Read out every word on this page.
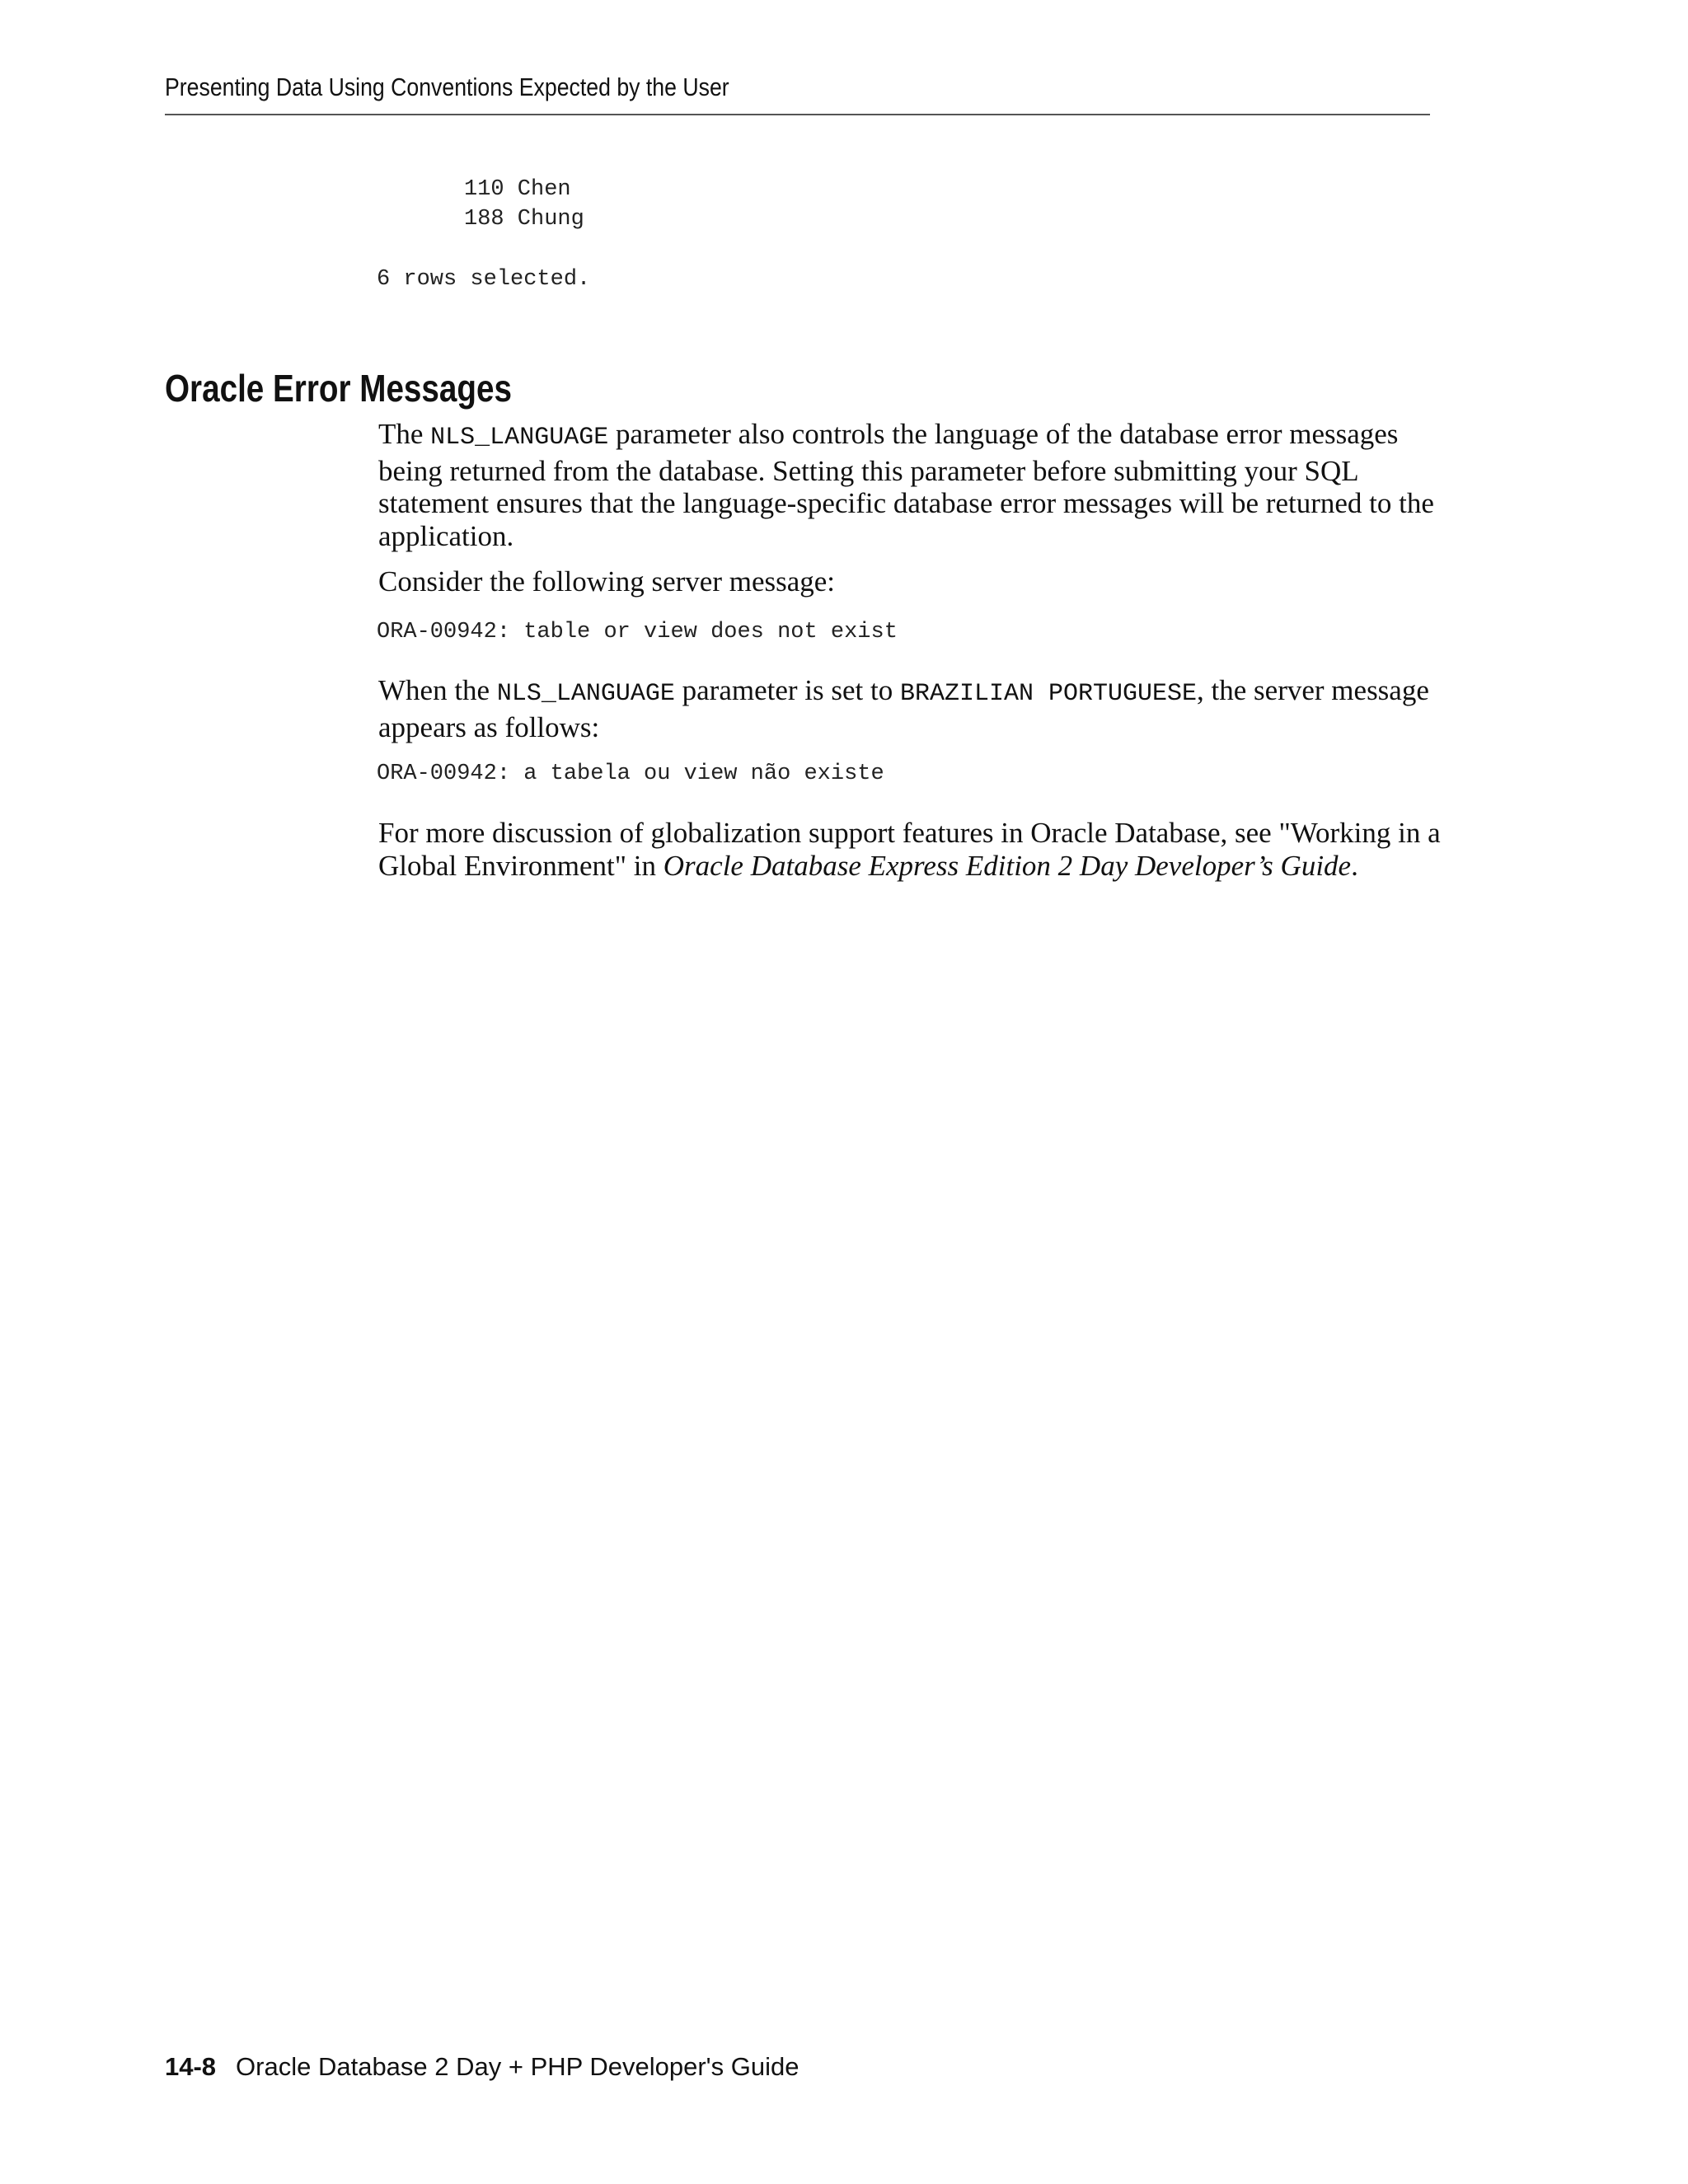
Presenting Data Using Conventions Expected by the User
110 Chen
188 Chung
6 rows selected.
Oracle Error Messages

The NLS_LANGUAGE parameter also controls the language of the database error messages being returned from the database. Setting this parameter before submitting your SQL statement ensures that the language-specific database error messages will be returned to the application.

Consider the following server message:

ORA-00942: table or view does not exist

When the NLS_LANGUAGE parameter is set to BRAZILIAN PORTUGUESE, the server message appears as follows:

ORA-00942: a tabela ou view não existe

For more discussion of globalization support features in Oracle Database, see "Working in a Global Environment" in Oracle Database Express Edition 2 Day Developer’s Guide.

14-8 Oracle Database 2 Day + PHP Developer's Guide
